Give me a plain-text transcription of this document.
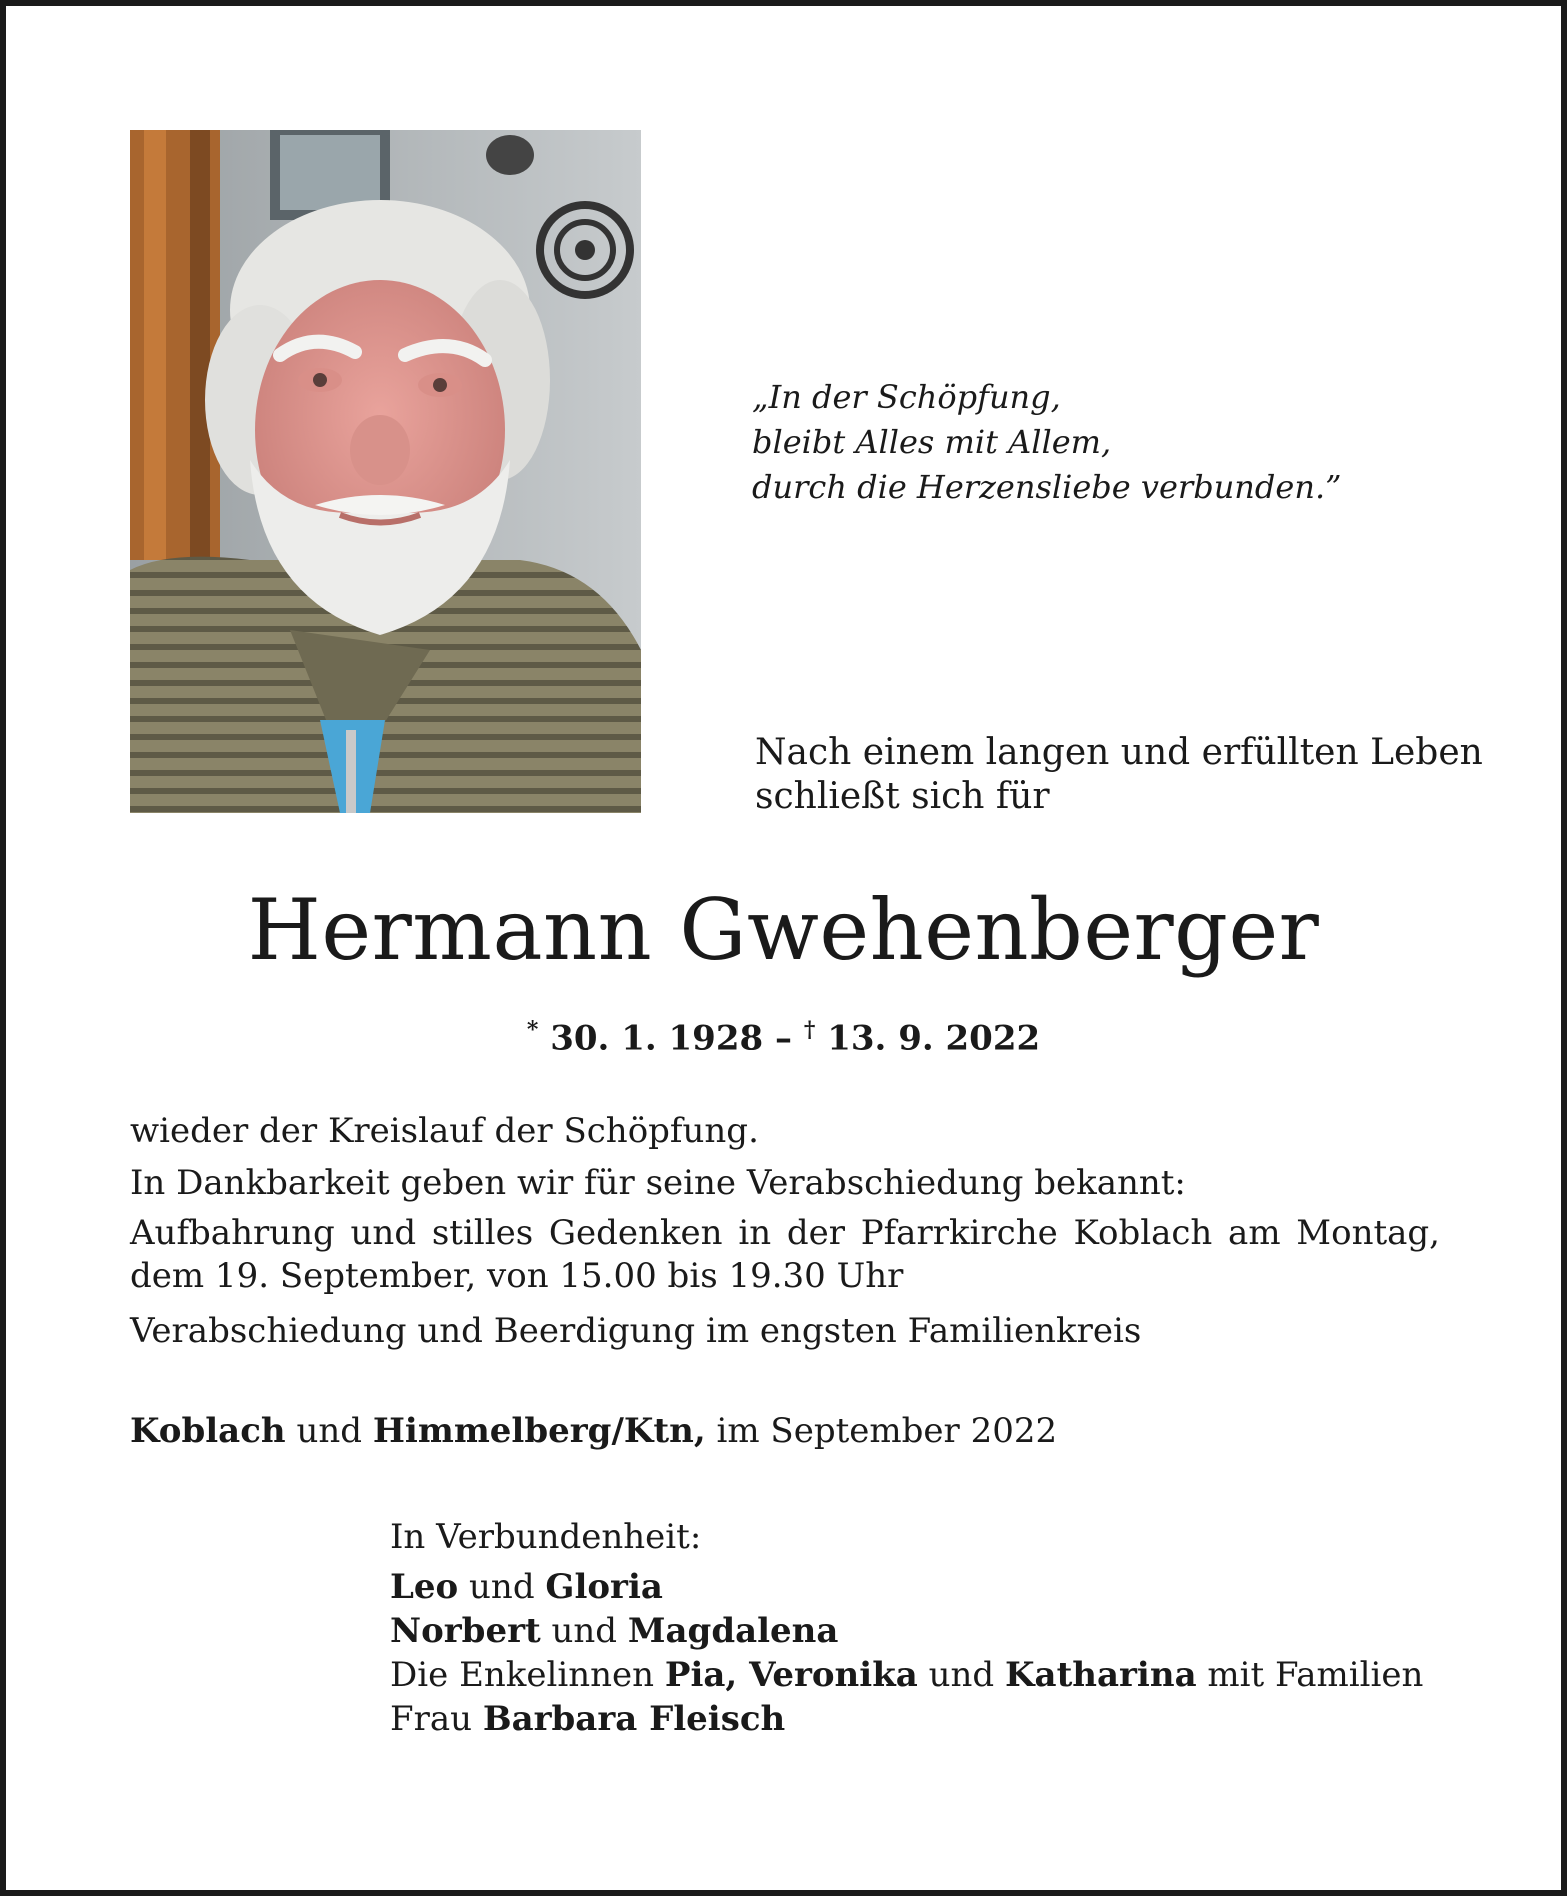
„In der Schöpfung,
bleibt Alles mit Allem,
durch die Herzensliebe verbunden.”
Nach einem langen und erfüllten Leben
schließt sich für
Hermann Gwehenberger
* 30. 1. 1928 – † 13. 9. 2022
wieder der Kreislauf der Schöpfung.
In Dankbarkeit geben wir für seine Verabschiedung bekannt:
Aufbahrung und stilles Gedenken in der Pfarrkirche Koblach am Montag,
dem 19. September, von 15.00 bis 19.30 Uhr
Verabschiedung und Beerdigung im engsten Familienkreis
Koblach und Himmelberg/Ktn, im September 2022
In Verbundenheit:
Leo und Gloria
Norbert und Magdalena
Die Enkelinnen Pia, Veronika und Katharina mit Familien
Frau Barbara Fleisch
